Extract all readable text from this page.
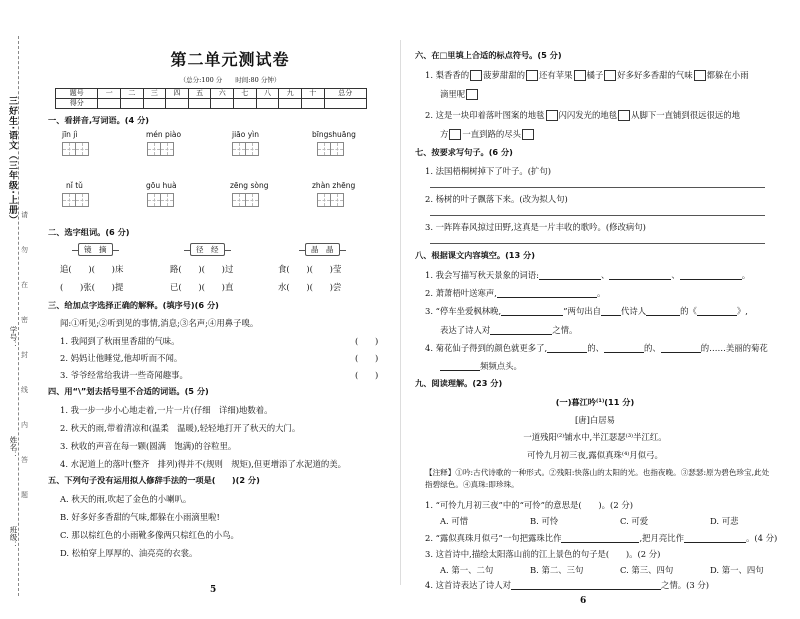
三好生·语文（三年级·上册） 请
勿
在
密
封
线
内
答
题
学号：
姓名：
班级：
第二单元测试卷
（总分:100 分　　时间:80 分钟）
题号	一	二	三	四	五	六	七	八	九	十	总分
得分											
一、看拼音,写词语。(4 分)
jīn jì	mén piào	jiāo yìn	bīngshuāng
nǐ tǔ	gōu huà	zēng sòng	zhàn zhēng
二、选字组词。(6 分)
镜　摘	径　经	晶　晶
追(　　)(　　)床	路(　　)(　　)过	食(　　)(　　)莹
(　　)张(　　)提	已(　　)(　　)直	水(　　)(　　)尝
三、给加点字选择正确的解释。(填序号)(6 分)
闻:①听见;②听到见的事情,消息;③名声;④用鼻子嗅。
1. 我闻到了秋雨里香甜的气味。	(　　)
2. 妈妈让他睡觉,他却听而不闻。	(　　)
3. 爷爷经常给我讲一些奇闻趣事。	(　　)
四、用“\”划去括号里不合适的词语。(5 分)
1. 我一步一步小心地走着,一片一片(仔细　详细)地数着。
2. 秋天的雨,带着清凉和(温柔　温暖),轻轻地打开了秋天的大门。
3. 秋收的声音在每一颗(圆满　饱满)的谷粒里。
4. 水泥道上的落叶(整齐　排列)得并不(规则　规矩),但更增添了水泥道的美。
五、下列句子没有运用拟人修辞手法的一项是(　　)(2 分)
A. 秋天的雨,吹起了金色的小喇叭。
B. 好多好多香甜的气味,都躲在小雨滴里啦!
C. 那以棕红色的小雨靴多像两只棕红色的小鸟。
D. 松柏穿上厚厚的、油亮亮的衣裳。
5
六、在□里填上合适的标点符号。(5 分)
1. 梨香香的 菠萝甜甜的 还有苹果 橘子 好多好多香甜的气味 都躲在小雨
滴里呢
2. 这是一块印着落叶图案的地毯 闪闪发光的地毯 从脚下一直铺到很远很远的地
方 一直到路的尽头
七、按要求写句子。(6 分)
1. 法国梧桐树掉下了叶子。(扩句)
2. 杨树的叶子飘落下来。(改为拟人句)
3. 一阵阵春风掠过田野,这真是一片丰收的歌吟。(修改病句)
八、根据课文内容填空。(13 分)
1. 我会写描写秋天景象的词语:	、	、	。
2. 萧萧梧叶送寒声,	。
3. “停车坐爱枫林晚,	”两句出自 代诗人	的《	》,
表达了诗人对	之情。
4. 菊花仙子得到的颜色就更多了,	的、	的、	的……美丽的菊花
频频点头。
九、阅读理解。(23 分)
(一)暮江吟⁽¹⁾(11 分)
[唐]白居易
一道残阳⁽²⁾铺水中,半江瑟瑟⁽³⁾半江红。
可怜九月初三夜,露似真珠⁽⁴⁾月似弓。
【注释】①吟:古代诗歌的一种形式。②残阳:快落山的太阳的光。也指夜晚。③瑟瑟:原为碧色珍宝,此处指碧绿色。④真珠:即珍珠。
1. “可怜九月初三夜”中的“可怜”的意思是(　　)。(2 分)
A. 可惜	B. 可怜	C. 可爱	D. 可悲
2. “露似真珠月似弓”一句把露珠比作	,把月亮比作	。(4 分)
3. 这首诗中,描绘太阳落山前的江上景色的句子是(　　)。(2 分)
A. 第一、二句	B. 第二、三句	C. 第三、四句	D. 第一、四句
4. 这首诗表达了诗人对	之情。(3 分)
6
